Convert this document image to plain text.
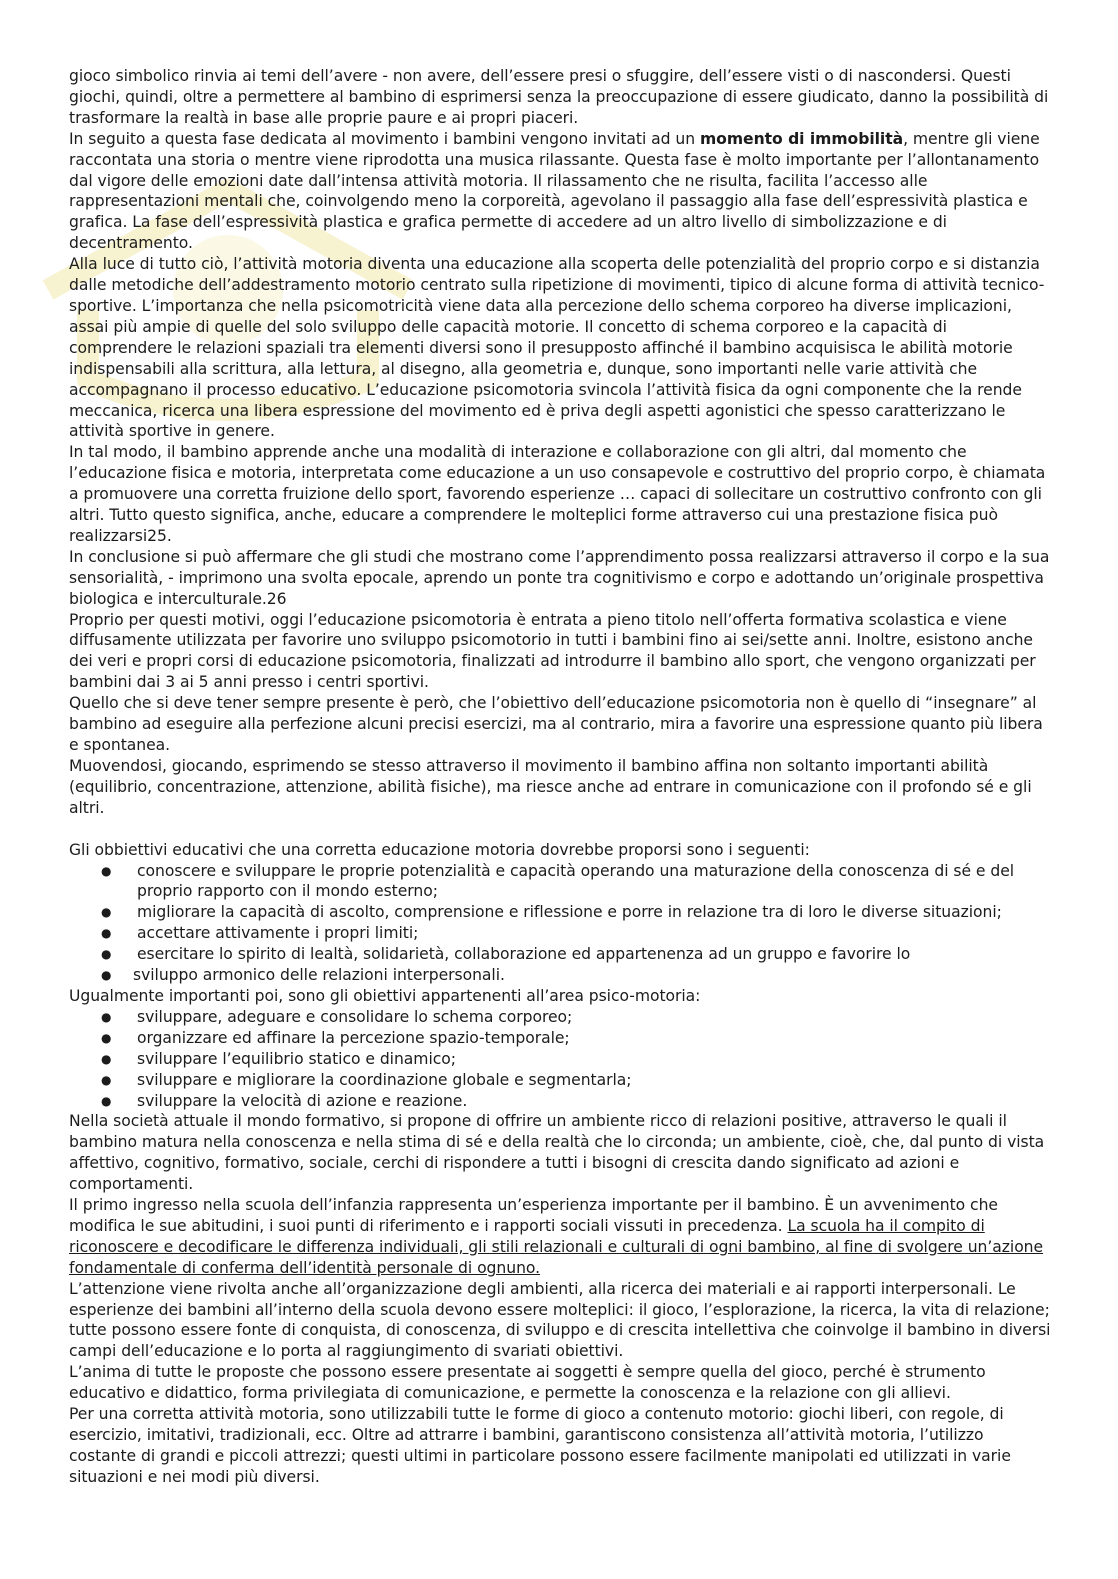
gioco simbolico rinvia ai temi dell’avere - non avere, dell’essere presi o sfuggire, dell’essere visti o di nascondersi. Questi giochi, quindi, oltre a permettere al bambino di esprimersi senza la preoccupazione di essere giudicato, danno la possibilità di trasformare la realtà in base alle proprie paure e ai propri piaceri.

In seguito a questa fase dedicata al movimento i bambini vengono invitati ad un momento di immobilità, mentre gli viene raccontata una storia o mentre viene riprodotta una musica rilassante. Questa fase è molto importante per l’allontanamento dal vigore delle emozioni date dall’intensa attività motoria. Il rilassamento che ne risulta, facilita l’accesso alle rappresentazioni mentali che, coinvolgendo meno la corporeità, agevolano il passaggio alla fase dell’espressività plastica e grafica. La fase dell’espressività plastica e grafica permette di accedere ad un altro livello di simbolizzazione e di decentramento.

Alla luce di tutto ciò, l’attività motoria diventa una educazione alla scoperta delle potenzialità del proprio corpo e si distanzia dalle metodiche dell’addestramento motorio centrato sulla ripetizione di movimenti, tipico di alcune forma di attività tecnico-sportive. L’importanza che nella psicomotricità viene data alla percezione dello schema corporeo ha diverse implicazioni, assai più ampie di quelle del solo sviluppo delle capacità motorie. Il concetto di schema corporeo e la capacità di comprendere le relazioni spaziali tra elementi diversi sono il presupposto affinché il bambino acquisisca le abilità motorie indispensabili alla scrittura, alla lettura, al disegno, alla geometria e, dunque, sono importanti nelle varie attività che accompagnano il processo educativo. L’educazione psicomotoria svincola l’attività fisica da ogni componente che la rende meccanica, ricerca una libera espressione del movimento ed è priva degli aspetti agonistici che spesso caratterizzano le attività sportive in genere.

In tal modo, il bambino apprende anche una modalità di interazione e collaborazione con gli altri, dal momento che l’educazione fisica e motoria, interpretata come educazione a un uso consapevole e costruttivo del proprio corpo, è chiamata a promuovere una corretta fruizione dello sport, favorendo esperienze … capaci di sollecitare un costruttivo confronto con gli altri. Tutto questo significa, anche, educare a comprendere le molteplici forme attraverso cui una prestazione fisica può realizzarsi25.

In conclusione si può affermare che gli studi che mostrano come l’apprendimento possa realizzarsi attraverso il corpo e la sua sensorialità, - imprimono una svolta epocale, aprendo un ponte tra cognitivismo e corpo e adottando un’originale prospettiva biologica e interculturale.26

Proprio per questi motivi, oggi l’educazione psicomotoria è entrata a pieno titolo nell’offerta formativa scolastica e viene diffusamente utilizzata per favorire uno sviluppo psicomotorio in tutti i bambini fino ai sei/sette anni. Inoltre, esistono anche dei veri e propri corsi di educazione psicomotoria, finalizzati ad introdurre il bambino allo sport, che vengono organizzati per bambini dai 3 ai 5 anni presso i centri sportivi.

Quello che si deve tener sempre presente è però, che l’obiettivo dell’educazione psicomotoria non è quello di “insegnare” al bambino ad eseguire alla perfezione alcuni precisi esercizi, ma al contrario, mira a favorire una espressione quanto più libera e spontanea.

Muovendosi, giocando, esprimendo se stesso attraverso il movimento il bambino affina non soltanto importanti abilità (equilibrio, concentrazione, attenzione, abilità fisiche), ma riesce anche ad entrare in comunicazione con il profondo sé e gli altri.

Gli obbiettivi educativi che una corretta educazione motoria dovrebbe proporsi sono i seguenti:

● conoscere e sviluppare le proprie potenzialità e capacità operando una maturazione della conoscenza di sé e del proprio rapporto con il mondo esterno;
● migliorare la capacità di ascolto, comprensione e riflessione e porre in relazione tra di loro le diverse situazioni;
● accettare attivamente i propri limiti;
● esercitare lo spirito di lealtà, solidarietà, collaborazione ed appartenenza ad un gruppo e favorire lo
● sviluppo armonico delle relazioni interpersonali.

Ugualmente importanti poi, sono gli obiettivi appartenenti all’area psico-motoria:

● sviluppare, adeguare e consolidare lo schema corporeo;
● organizzare ed affinare la percezione spazio-temporale;
● sviluppare l’equilibrio statico e dinamico;
● sviluppare e migliorare la coordinazione globale e segmentarla;
● sviluppare la velocità di azione e reazione.

Nella società attuale il mondo formativo, si propone di offrire un ambiente ricco di relazioni positive, attraverso le quali il bambino matura nella conoscenza e nella stima di sé e della realtà che lo circonda; un ambiente, cioè, che, dal punto di vista affettivo, cognitivo, formativo, sociale, cerchi di rispondere a tutti i bisogni di crescita dando significato ad azioni e comportamenti.

Il primo ingresso nella scuola dell’infanzia rappresenta un’esperienza importante per il bambino. È un avvenimento che modifica le sue abitudini, i suoi punti di riferimento e i rapporti sociali vissuti in precedenza. La scuola ha il compito di riconoscere e decodificare le differenza individuali, gli stili relazionali e culturali di ogni bambino, al fine di svolgere un’azione fondamentale di conferma dell’identità personale di ognuno.

L’attenzione viene rivolta anche all’organizzazione degli ambienti, alla ricerca dei materiali e ai rapporti interpersonali. Le esperienze dei bambini all’interno della scuola devono essere molteplici: il gioco, l’esplorazione, la ricerca, la vita di relazione; tutte possono essere fonte di conquista, di conoscenza, di sviluppo e di crescita intellettiva che coinvolge il bambino in diversi campi dell’educazione e lo porta al raggiungimento di svariati obiettivi.

L’anima di tutte le proposte che possono essere presentate ai soggetti è sempre quella del gioco, perché è strumento educativo e didattico, forma privilegiata di comunicazione, e permette la conoscenza e la relazione con gli allievi.

Per una corretta attività motoria, sono utilizzabili tutte le forme di gioco a contenuto motorio: giochi liberi, con regole, di esercizio, imitativi, tradizionali, ecc. Oltre ad attrarre i bambini, garantiscono consistenza all’attività motoria, l’utilizzo costante di grandi e piccoli attrezzi; questi ultimi in particolare possono essere facilmente manipolati ed utilizzati in varie situazioni e nei modi più diversi.
